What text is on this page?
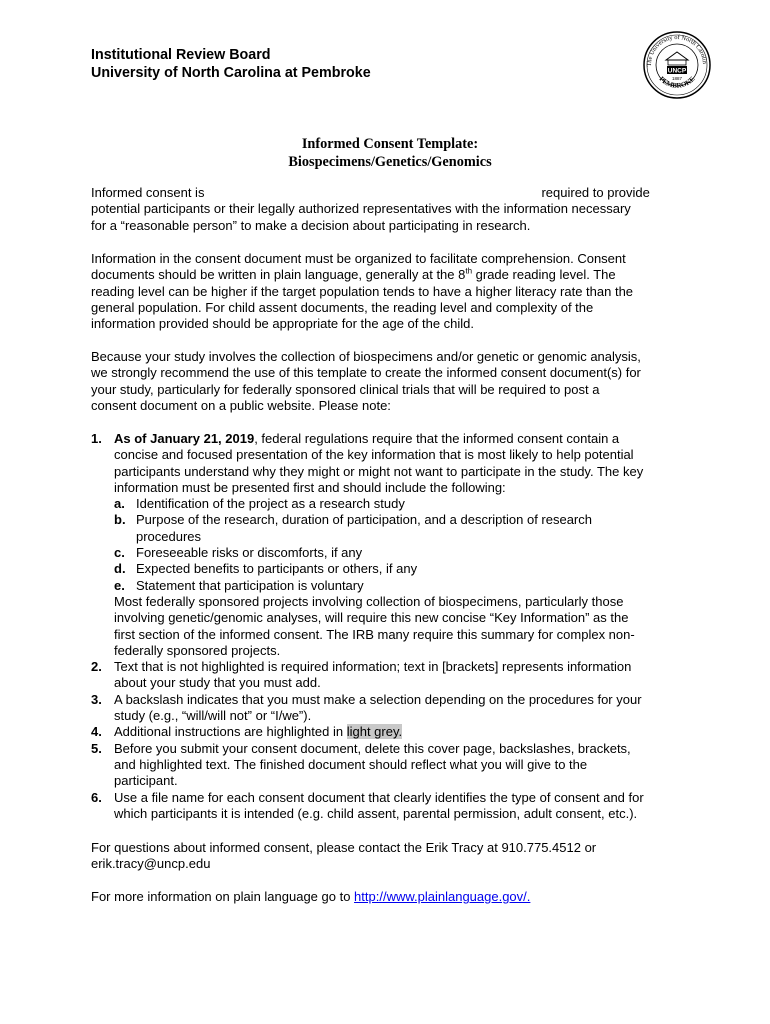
Institutional Review Board
University of North Carolina at Pembroke
The University of North Carolin
PEMBROKE
UNCP
1887
Informed Consent Template:
Biospecimens/Genetics/Genomics
Informed consent is	required to provide
potential participants or their legally authorized representatives with the information necessary
for a “reasonable person” to make a decision about participating in research.
Information in the consent document must be organized to facilitate comprehension. Consent
documents should be written in plain language, generally at the 8th grade reading level. The
reading level can be higher if the target population tends to have a higher literacy rate than the
general population. For child assent documents, the reading level and complexity of the
information provided should be appropriate for the age of the child.
Because your study involves the collection of biospecimens and/or genetic or genomic analysis,
we strongly recommend the use of this template to create the informed consent document(s) for
your study, particularly for federally sponsored clinical trials that will be required to post a
consent document on a public website. Please note:
1. As of January 21, 2019, federal regulations require that the informed consent contain a
concise and focused presentation of the key information that is most likely to help potential
participants understand why they might or might not want to participate in the study. The key
information must be presented first and should include the following:
a. Identification of the project as a research study
b. Purpose of the research, duration of participation, and a description of research
procedures
c. Foreseeable risks or discomforts, if any
d. Expected benefits to participants or others, if any
e. Statement that participation is voluntary
Most federally sponsored projects involving collection of biospecimens, particularly those
involving genetic/genomic analyses, will require this new concise “Key Information” as the
first section of the informed consent. The IRB many require this summary for complex non-
federally sponsored projects.
2. Text that is not highlighted is required information; text in [brackets] represents information
about your study that you must add.
3. A backslash indicates that you must make a selection depending on the procedures for your
study (e.g., “will/will not” or “I/we”).
4. Additional instructions are highlighted in light grey.
5. Before you submit your consent document, delete this cover page, backslashes, brackets,
and highlighted text. The finished document should reflect what you will give to the
participant.
6. Use a file name for each consent document that clearly identifies the type of consent and for
which participants it is intended (e.g. child assent, parental permission, adult consent, etc.).
For questions about informed consent, please contact the Erik Tracy at 910.775.4512 or
erik.tracy@uncp.edu
For more information on plain language go to http://www.plainlanguage.gov/.
